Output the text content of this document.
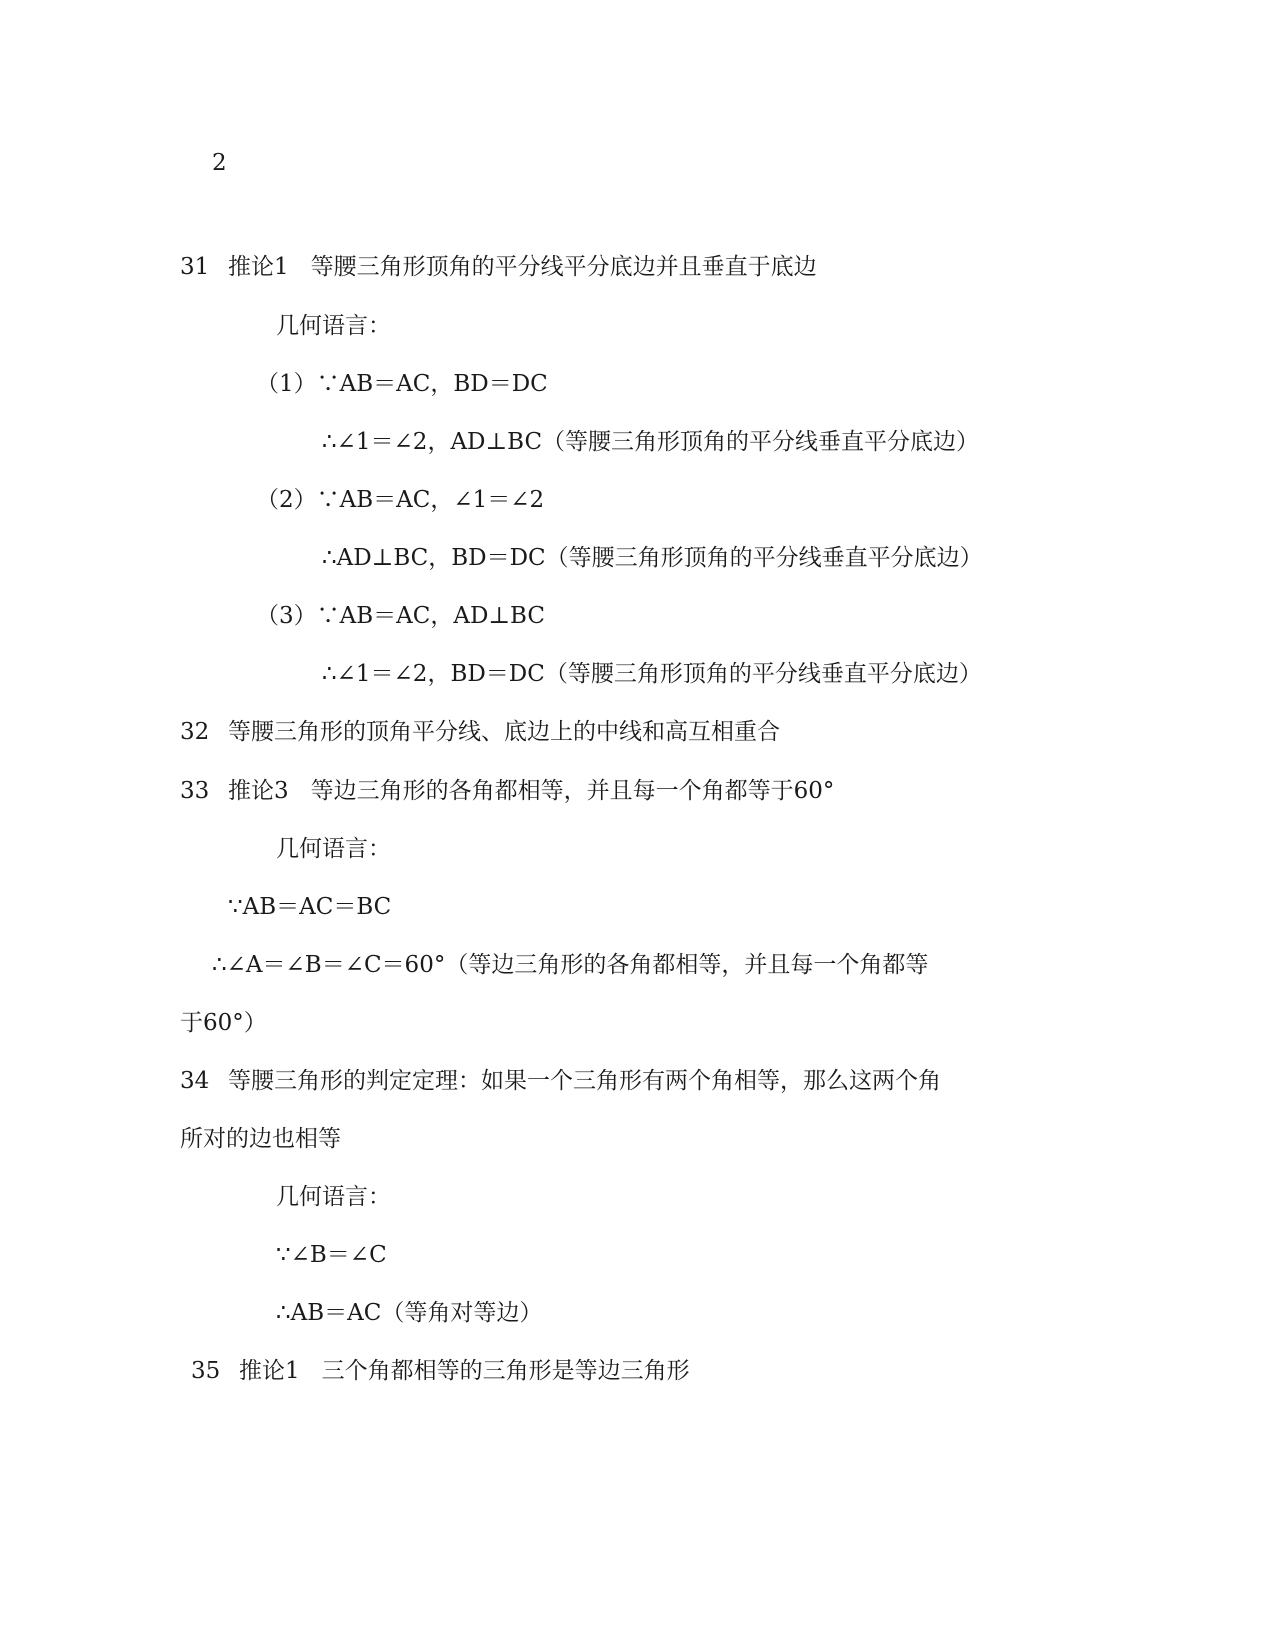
2
31 推论1 等腰三角形顶角的平分线平分底边并且垂直于底边
几何语言：
（1）∵AB＝AC，BD＝DC
∴∠1＝∠2，AD⊥BC（等腰三角形顶角的平分线垂直平分底边）
（2）∵AB＝AC，∠1＝∠2
∴AD⊥BC，BD＝DC（等腰三角形顶角的平分线垂直平分底边）
（3）∵AB＝AC，AD⊥BC
∴∠1＝∠2，BD＝DC（等腰三角形顶角的平分线垂直平分底边）
32 等腰三角形的顶角平分线、底边上的中线和高互相重合
33 推论3 等边三角形的各角都相等，并且每一个角都等于60°
几何语言：
∵AB＝AC＝BC
∴∠A＝∠B＝∠C＝60°（等边三角形的各角都相等，并且每一个角都等
于60°）
34 等腰三角形的判定定理：如果一个三角形有两个角相等，那么这两个角
所对的边也相等
几何语言：
∵∠B＝∠C
∴AB＝AC（等角对等边）
35 推论1 三个角都相等的三角形是等边三角形
